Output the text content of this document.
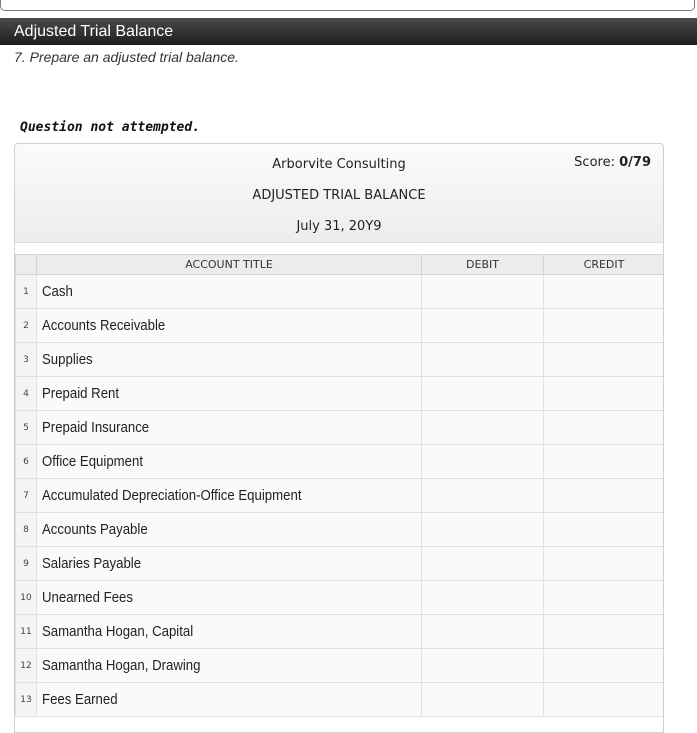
Adjusted Trial Balance
7. Prepare an adjusted trial balance.
Question not attempted.
Arborvite Consulting
ADJUSTED TRIAL BALANCE
July 31, 20Y9
Score: 0/79
	ACCOUNT TITLE	DEBIT	CREDIT
1	Cash		
2	Accounts Receivable		
3	Supplies		
4	Prepaid Rent		
5	Prepaid Insurance		
6	Office Equipment		
7	Accumulated Depreciation-Office Equipment		
8	Accounts Payable		
9	Salaries Payable		
10	Unearned Fees		
11	Samantha Hogan, Capital		
12	Samantha Hogan, Drawing		
13	Fees Earned		
